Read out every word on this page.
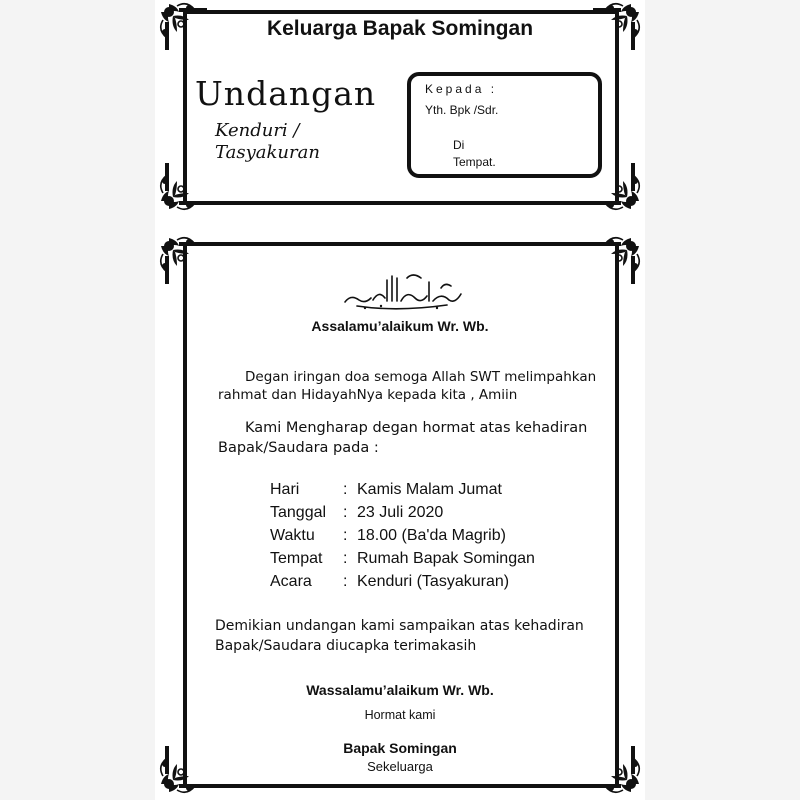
Keluarga Bapak Somingan
Undangan
Kenduri /
Tasyakuran
Kepada :
Yth. Bpk /Sdr.
Di
Tempat.
Assalamu’alaikum Wr. Wb.
Degan iringan doa semoga Allah SWT melimpahkan
rahmat dan HidayahNya kepada kita , Amiin
Kami Mengharap degan hormat atas kehadiran
Bapak/Saudara pada :
Hari	: Kamis Malam Jumat
Tanggal : 23 Juli 2020
Waktu : 18.00 (Ba'da Magrib)
Tempat : Rumah Bapak Somingan
Acara : Kenduri (Tasyakuran)
Demikian undangan kami sampaikan atas kehadiran
Bapak/Saudara diucapka terimakasih
Wassalamu’alaikum Wr. Wb.
Hormat kami
Bapak Somingan
Sekeluarga
